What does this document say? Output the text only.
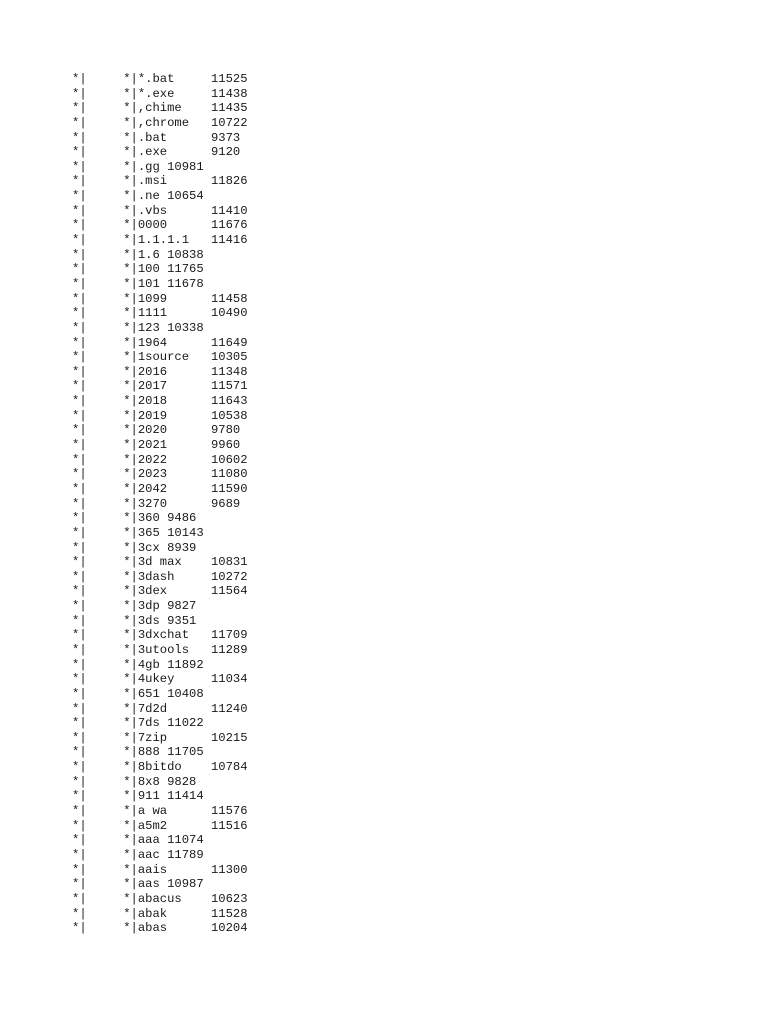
*|     *|*.bat     11525
*|     *|*.exe     11438
*|     *|,chime    11435
*|     *|,chrome   10722
*|     *|.bat      9373
*|     *|.exe      9120
*|     *|.gg 10981
*|     *|.msi      11826
*|     *|.ne 10654
*|     *|.vbs      11410
*|     *|0000      11676
*|     *|1.1.1.1   11416
*|     *|1.6 10838
*|     *|100 11765
*|     *|101 11678
*|     *|1099      11458
*|     *|1111      10490
*|     *|123 10338
*|     *|1964      11649
*|     *|1source   10305
*|     *|2016      11348
*|     *|2017      11571
*|     *|2018      11643
*|     *|2019      10538
*|     *|2020      9780
*|     *|2021      9960
*|     *|2022      10602
*|     *|2023      11080
*|     *|2042      11590
*|     *|3270      9689
*|     *|360 9486
*|     *|365 10143
*|     *|3cx 8939
*|     *|3d max    10831
*|     *|3dash     10272
*|     *|3dex      11564
*|     *|3dp 9827
*|     *|3ds 9351
*|     *|3dxchat   11709
*|     *|3utools   11289
*|     *|4gb 11892
*|     *|4ukey     11034
*|     *|651 10408
*|     *|7d2d      11240
*|     *|7ds 11022
*|     *|7zip      10215
*|     *|888 11705
*|     *|8bitdo    10784
*|     *|8x8 9828
*|     *|911 11414
*|     *|a wa      11576
*|     *|a5m2      11516
*|     *|aaa 11074
*|     *|aac 11789
*|     *|aais      11300
*|     *|aas 10987
*|     *|abacus    10623
*|     *|abak      11528
*|     *|abas      10204
